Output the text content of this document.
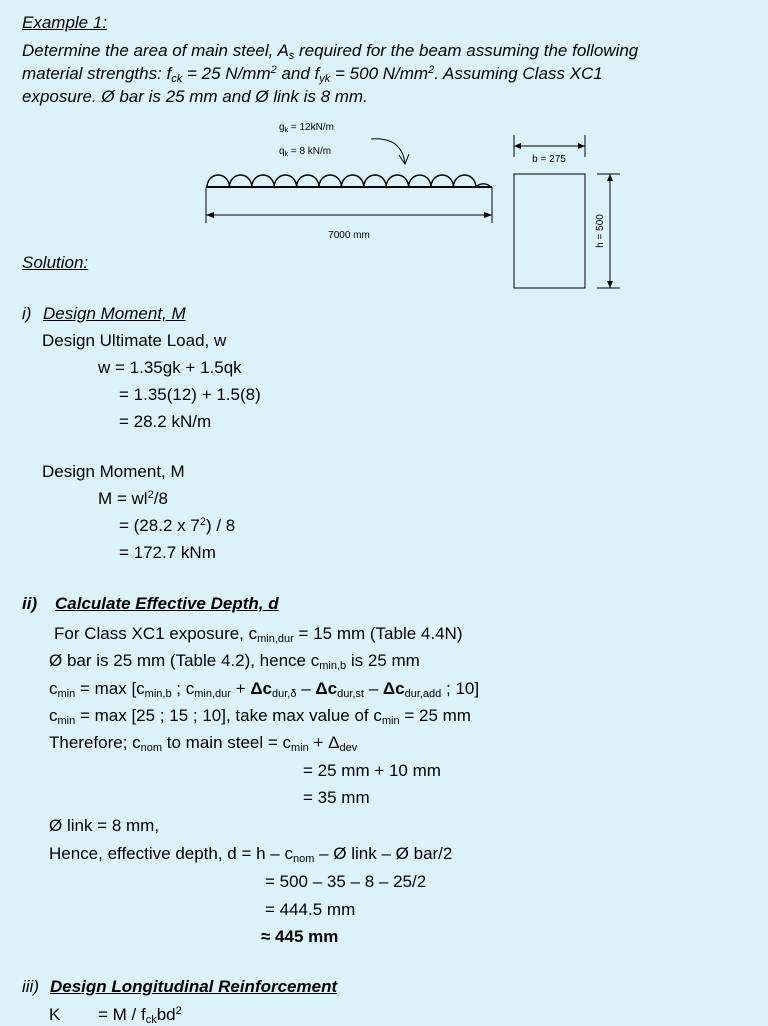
Example 1:
Determine the area of main steel, $A_s$ required for the beam assuming the following
material strengths: $f_{ck} = 25$ $N/mm^2$ and $f_{yk} = 500$ $N/mm^2$. Assuming Class XC1
exposure. Ø bar is 25 mm and Ø link is 8 mm.
$g_k = 12kN/m$
$q_k = 8$ kN/m
7000 mm
b = 275
h = 500
Solution:
i) Design Moment, M
Design Ultimate Load, w
w = 1.35gk + 1.5qk
= 1.35(12) + 1.5(8)
= 28.2 kN/m
Design Moment, M
$M = wl^2/8$
= (28.2 x $7^2) / 8$
= 172.7 kNm
ii) Calculate Effective Depth, d
For Class XC1 exposure, $c_{min,dur} = 15$ mm (Table 4.4N)
Ø bar is 25 mm (Table 4.2), hence $c_{min,b}$ is 25 mm
$c_{min} = \max [c_{min,b}$ ; $c_{min,dur} + \Delta c_{dur,\delta} - \Delta c_{dur,st} - \Delta c_{dur,add}$ ; 10]
$c_{min} = \max [25$ ; 15 ; 10], take max value of $c_{min} = 25$ mm
Therefore; $c_{nom}$ to main steel = $c_{min} + \Delta_{dev}$
= 25 mm + 10 mm
= 35 mm
Ø link = 8 mm,
Hence, effective depth, $d = h - c_{nom}$ – Ø link – Ø bar/2
= 500 – 35 – 8 – 25/2
= 444.5 mm
≈ 445 mm
iii) Design Longitudinal Reinforcement
$K = M / f_{ck}bd^2$
